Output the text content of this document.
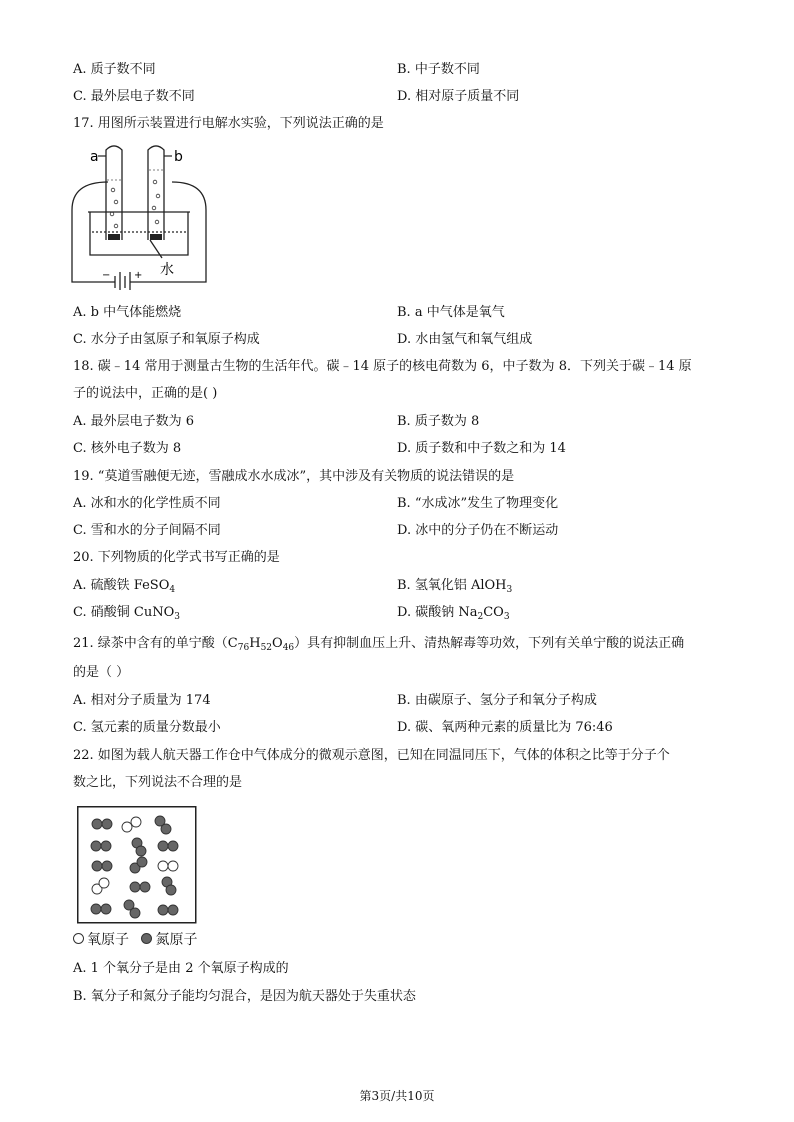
A. 质子数不同	B. 中子数不同
C. 最外层电子数不同	D. 相对原子质量不同
17. 用图所示装置进行电解水实验，下列说法正确的是
a	b
水
− +
A. b 中气体能燃烧	B. a 中气体是氧气
C. 水分子由氢原子和氧原子构成	D. 水由氢气和氧气组成
18. 碳﹣14 常用于测量古生物的生活年代。碳﹣14 原子的核电荷数为 6，中子数为 8．下列关于碳﹣14 原
子的说法中，正确的是( )
A. 最外层电子数为 6	B. 质子数为 8
C. 核外电子数为 8	D. 质子数和中子数之和为 14
19. “莫道雪融便无迹，雪融成水水成冰”，其中涉及有关物质的说法错误的是
A. 冰和水的化学性质不同	B. “水成冰”发生了物理变化
C. 雪和水的分子间隔不同	D. 冰中的分子仍在不断运动
20. 下列物质的化学式书写正确的是
A. 硫酸铁 FeSO$_4$	B. 氢氧化铝 AlOH$_3$
C. 硝酸铜 CuNO$_3$	D. 碳酸钠 $Na_2CO_3$
21. 绿茶中含有的单宁酸$(C_{76}H_{52}O_{46})$具有抑制血压上升、清热解毒等功效，下列有关单宁酸的说法正确
的是（ ）
A. 相对分子质量为 174	B. 由碳原子、氢分子和氧分子构成
C. 氢元素的质量分数最小	D. 碳、氧两种元素的质量比为 76:46
22. 如图为载人航天器工作仓中气体成分的微观示意图，已知在同温同压下，气体的体积之比等于分子个
数之比，下列说法不合理的是
氧原子 氮原子
A. 1 个氧分子是由 2 个氧原子构成的
B. 氧分子和氮分子能均匀混合，是因为航天器处于失重状态
第3页/共10页
